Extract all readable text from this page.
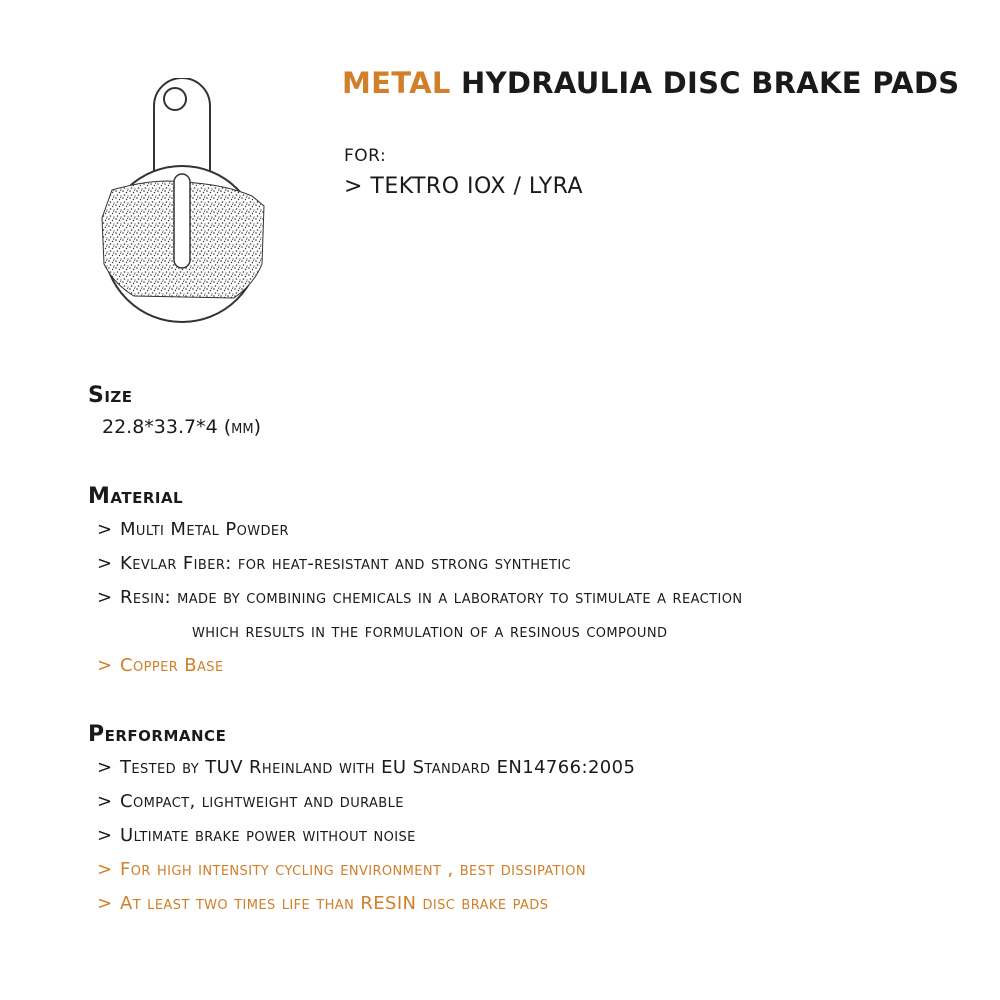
METAL HYDRAULIA DISC BRAKE PADS
FOR:
> TEKTRO IOX / LYRA
Size
22.8*33.7*4 (mm)
Material
> Multi Metal Powder
> Kevlar Fiber: for heat-resistant and strong synthetic
> Resin: made by combining chemicals in a laboratory to stimulate a reaction
which results in the formulation of a resinous compound
> Copper Base
Performance
> Tested by TUV Rheinland with EU Standard EN14766:2005
> Compact, lightweight and durable
> Ultimate brake power without noise
> For high intensity cycling environment , best dissipation
> At least two times life than RESIN disc brake pads
